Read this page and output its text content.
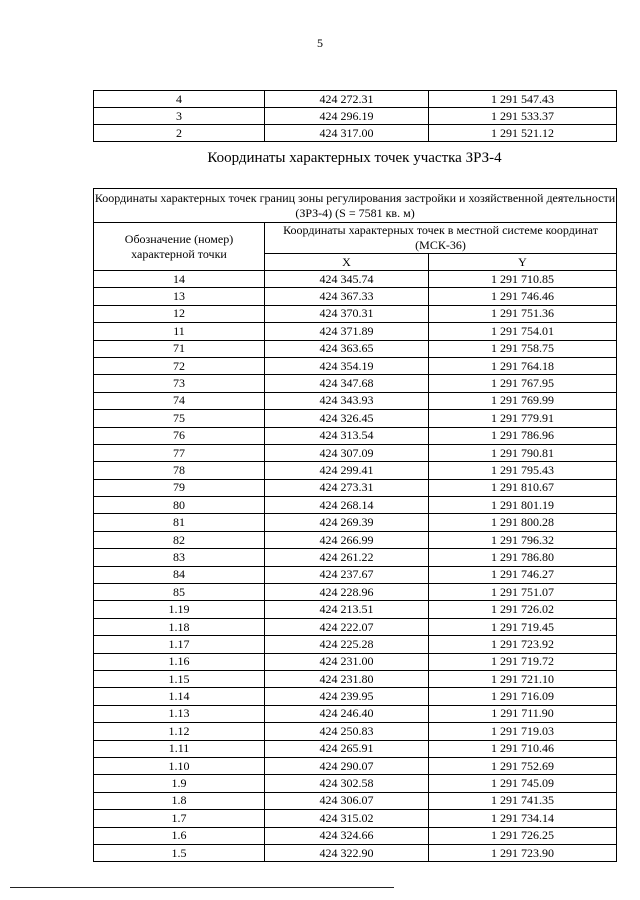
5
4	424 272.31	1 291 547.43
3	424 296.19	1 291 533.37
2	424 317.00	1 291 521.12
Координаты характерных точек участка ЗРЗ-4
Координаты характерных точек границ зоны регулирования застройки и хозяйственной деятельности (ЗРЗ-4) (S = 7581 кв. м)		
Обозначение (номер) характерной точки	Координаты характерных точек в местной системе координат (МСК-36)	
	X	Y
14	424 345.74	1 291 710.85
13	424 367.33	1 291 746.46
12	424 370.31	1 291 751.36
11	424 371.89	1 291 754.01
71	424 363.65	1 291 758.75
72	424 354.19	1 291 764.18
73	424 347.68	1 291 767.95
74	424 343.93	1 291 769.99
75	424 326.45	1 291 779.91
76	424 313.54	1 291 786.96
77	424 307.09	1 291 790.81
78	424 299.41	1 291 795.43
79	424 273.31	1 291 810.67
80	424 268.14	1 291 801.19
81	424 269.39	1 291 800.28
82	424 266.99	1 291 796.32
83	424 261.22	1 291 786.80
84	424 237.67	1 291 746.27
85	424 228.96	1 291 751.07
1.19	424 213.51	1 291 726.02
1.18	424 222.07	1 291 719.45
1.17	424 225.28	1 291 723.92
1.16	424 231.00	1 291 719.72
1.15	424 231.80	1 291 721.10
1.14	424 239.95	1 291 716.09
1.13	424 246.40	1 291 711.90
1.12	424 250.83	1 291 719.03
1.11	424 265.91	1 291 710.46
1.10	424 290.07	1 291 752.69
1.9	424 302.58	1 291 745.09
1.8	424 306.07	1 291 741.35
1.7	424 315.02	1 291 734.14
1.6	424 324.66	1 291 726.25
1.5	424 322.90	1 291 723.90
